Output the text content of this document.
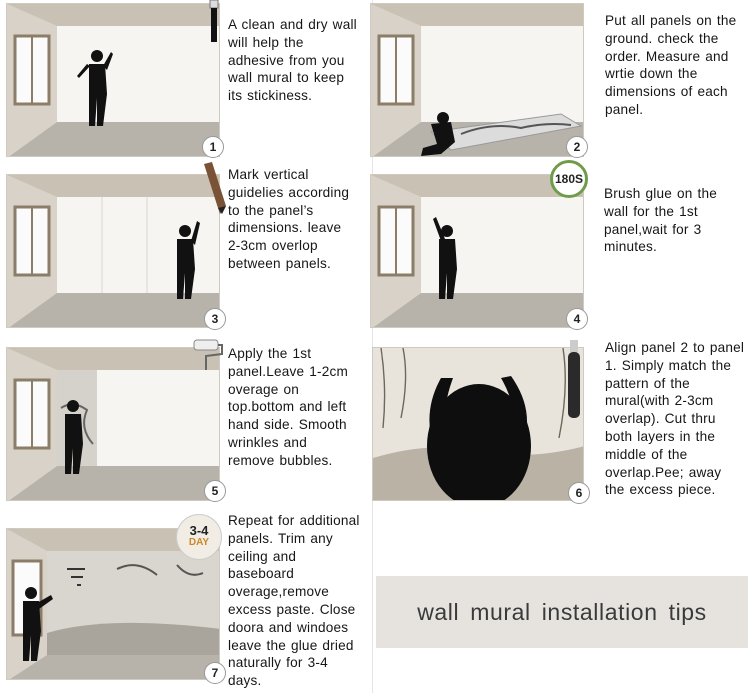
1
A clean and dry wall will help the adhesive from you wall mural to keep its stickiness.
2
Put all panels on the ground. check the order. Measure and wrtie down the dimensions of each panel.
3
Mark vertical guidelies according to the panel’s dimensions. leave 2-3cm overlop between panels.
4
180S
Brush glue on the wall for the 1st panel,wait for 3 minutes.
5
Apply the 1st panel.Leave 1-2cm overage on top.bottom and left hand side. Smooth wrinkles and remove bubbles.
6
Align panel 2 to panel 1. Simply match the pattern of the mural(with 2-3cm overlap). Cut thru both layers in the middle of the overlap.Pee; away the excess piece.
7
3-4
DAY
Repeat for additional panels. Trim any ceiling and baseboard overage,remove excess paste. Close doora and windoes leave the glue dried naturally for 3-4 days.
wall mural installation tips
